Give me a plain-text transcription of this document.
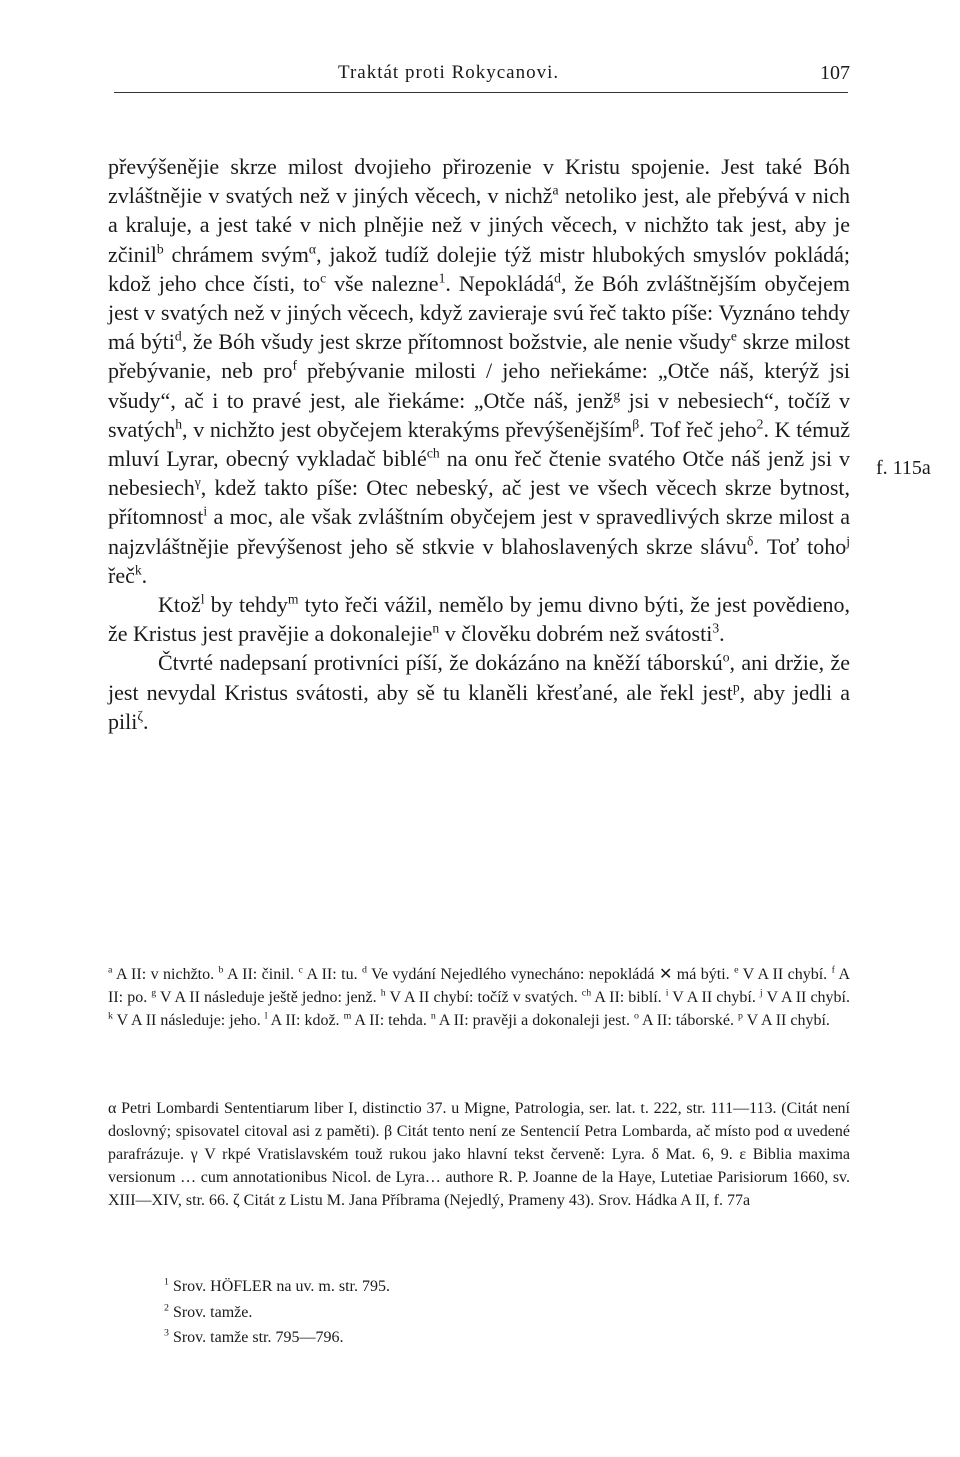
Traktát proti Rokycanovi.	107

převýšenějie skrze milost dvojieho přirozenie v Kristu spojenie. Jest také Bóh zvláštnějie v svatých než v jiných věcech, v nichž$^a$ netoliko jest, ale přebývá v nich a kraluje, a jest také v nich plnějie než v jiných věcech, v nichžto tak jest, aby je zčinil$^b$ chrámem svým$^\alpha$, jakož tudíž dolejie týž mistr hlubokých smyslóv pokládá; kdož jeho chce čísti, $to^c$ vše nalezne$^1$. Nepokládá$^d$, že Bóh zvláštnějším obyčejem jest v svatých než v jiných věcech, když zavieraje svú řeč takto píše: Vyznáno tehdy má býti$^d$, že Bóh všudy jest skrze přítomnost božstvie, ale nenie všudy$^e$ skrze milost přebývanie, neb pro$^f$ přebývanie milosti / jeho neřiekáme: „Otče náš, kterýž jsi všudy“, ač i to pravé jest, ale řiekáme: „Otče náš, jenž$^g$ jsi v nebesiech“, točíž v svatých$^h$, v nichžto jest obyčejem kterakýms převýšenějším$^\beta$. Tof řeč jeho$^2$. K témuž mluví Lyrar, obecný vykladač biblé$^{ch}$ na onu řeč čtenie svatého Otče náš jenž jsi v nebesiech$^\gamma$, kdež takto píše: Otec nebeský, ač jest ve všech věcech skrze bytnost, přítomnost$^i$ a moc, ale však zvláštním obyčejem jest v spravedlivých skrze milost a najzvláštnějie převýšenost jeho sě stkvie v blahoslavených skrze slávu$^\delta$. Toť toho$^j$ řeč$^k$.

Ktož$^l$ by tehdy$^m$ tyto řeči vážil, nemělo by jemu divno býti, že jest povědieno, že Kristus jest pravějie a dokonalejie$^n$ v člověku dobrém než svátosti$^3$.

Čtvrté nadepsaní protivníci píší, že dokázáno na kněží táborskú$^o$, ani držie, že jest nevydal Kristus svátosti, aby sě tu klaněli křesťané, ale řekl jest$^p$, aby jedli a pili$^\zeta$.

f. 115a

$^a$ A II: v nichžto. $^b$ A II: činil. $^c$ A II: tu. $^d$ Ve vydání Nejedlého vynecháno: nepokládá ✕ má býti. $^e$ V A II chybí. $^f$ A II: po. $^g$ V A II následuje ještě jedno: jenž. $^h$ V A II chybí: točíž v svatých. $^{ch}$ A II: biblí. $^i$ V A II chybí. $^j$ V A II chybí. $^k$ V A II následuje: jeho. $^l$ A II: kdož. $^m$ A II: tehda. $^n$ A II: pravěji a dokonaleji jest. $^o$ A II: táborské. $^p$ V A II chybí.

α Petri Lombardi Sententiarum liber I, distinctio 37. u Migne, Patrologia, ser. lat. t. 222, str. 111—113. (Citát není doslovný; spisovatel citoval asi z paměti). β Citát tento není ze Sentencií Petra Lombarda, ač místo pod α uvedené parafrázuje. γ V rkpé Vratislavském touž rukou jako hlavní tekst červeně: Lyra. δ Mat. 6, 9. ε Biblia maxima versionum … cum annotationibus Nicol. de Lyra… authore R. P. Joanne de la Haye, Lutetiae Parisiorum 1660, sv. XIII—XIV, str. 66. ζ Citát z Listu M. Jana Příbrama (Nejedlý, Prameny 43). Srov. Hádka A II, f. 77a

$^1$ Srov. HÖFLER na uv. m. str. 795.

$^2$ Srov. tamže.

$^3$ Srov. tamže str. 795—796.
